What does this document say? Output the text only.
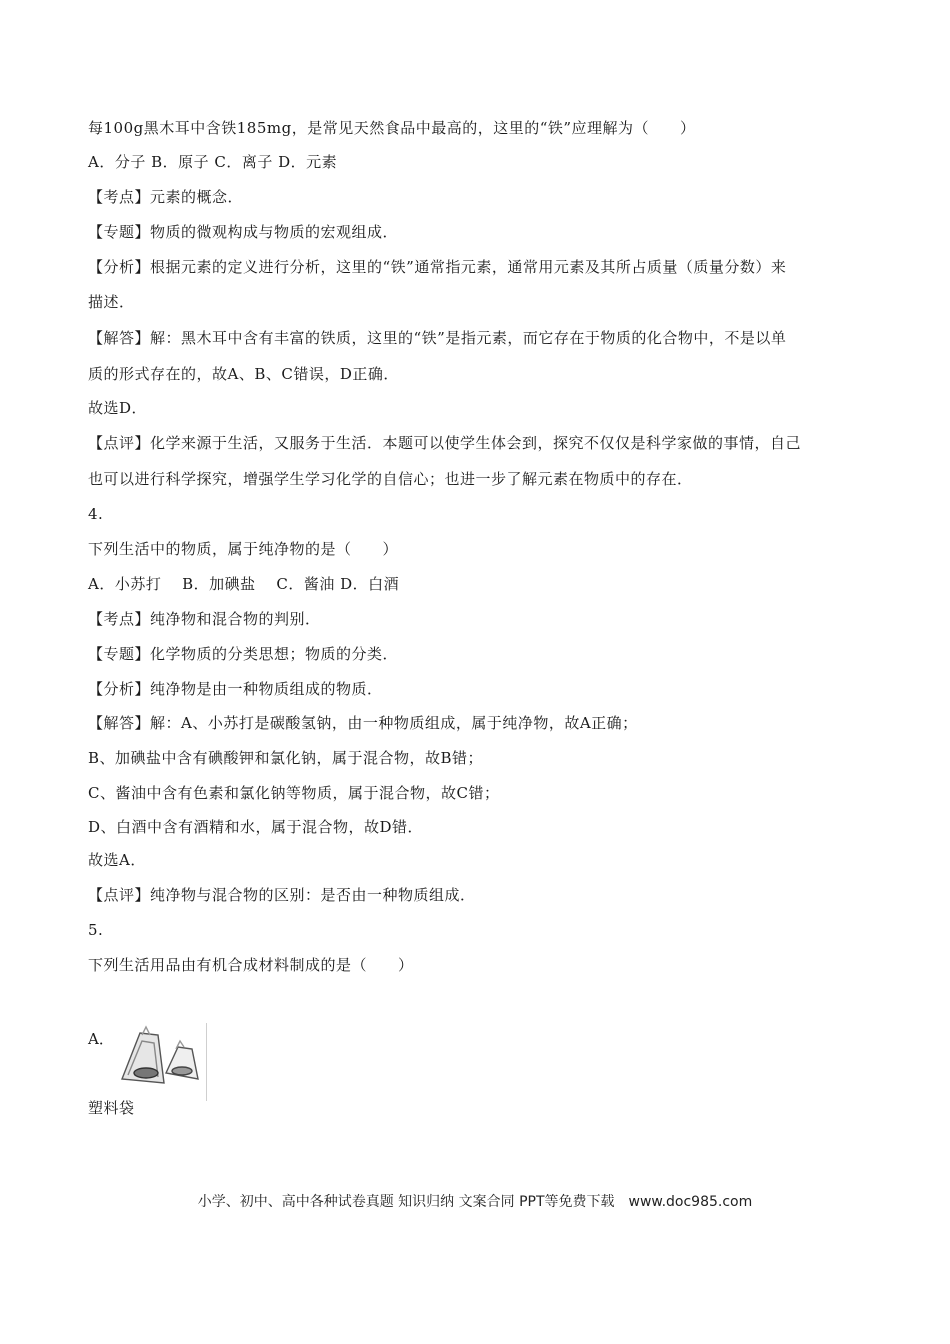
每100g黑木耳中含铁185mg，是常见天然食品中最高的，这里的“铁”应理解为（　　）
A．分子 B．原子 C．离子 D．元素
【考点】元素的概念．
【专题】物质的微观构成与物质的宏观组成．
【分析】根据元素的定义进行分析，这里的“铁”通常指元素，通常用元素及其所占质量（质量分数）来
描述．
【解答】解：黑木耳中含有丰富的铁质，这里的“铁”是指元素，而它存在于物质的化合物中，不是以单
质的形式存在的，故A、B、C错误，D正确．
故选D．
【点评】化学来源于生活，又服务于生活．本题可以使学生体会到，探究不仅仅是科学家做的事情，自己
也可以进行科学探究，增强学生学习化学的自信心；也进一步了解元素在物质中的存在．
4.
下列生活中的物质，属于纯净物的是（　　）
A．小苏打　 B．加碘盐　 C．酱油 D．白酒
【考点】纯净物和混合物的判别．
【专题】化学物质的分类思想；物质的分类．
【分析】纯净物是由一种物质组成的物质．
【解答】解：A、小苏打是碳酸氢钠，由一种物质组成，属于纯净物，故A正确；
B、加碘盐中含有碘酸钾和氯化钠，属于混合物，故B错；
C、酱油中含有色素和氯化钠等物质，属于混合物，故C错；
D、白酒中含有酒精和水，属于混合物，故D错．
故选A．
【点评】纯净物与混合物的区别：是否由一种物质组成．
5.
下列生活用品由有机合成材料制成的是（　　）
A．
塑料袋
小学、初中、高中各种试卷真题 知识归纳 文案合同 PPT等免费下载　www.doc985.com
